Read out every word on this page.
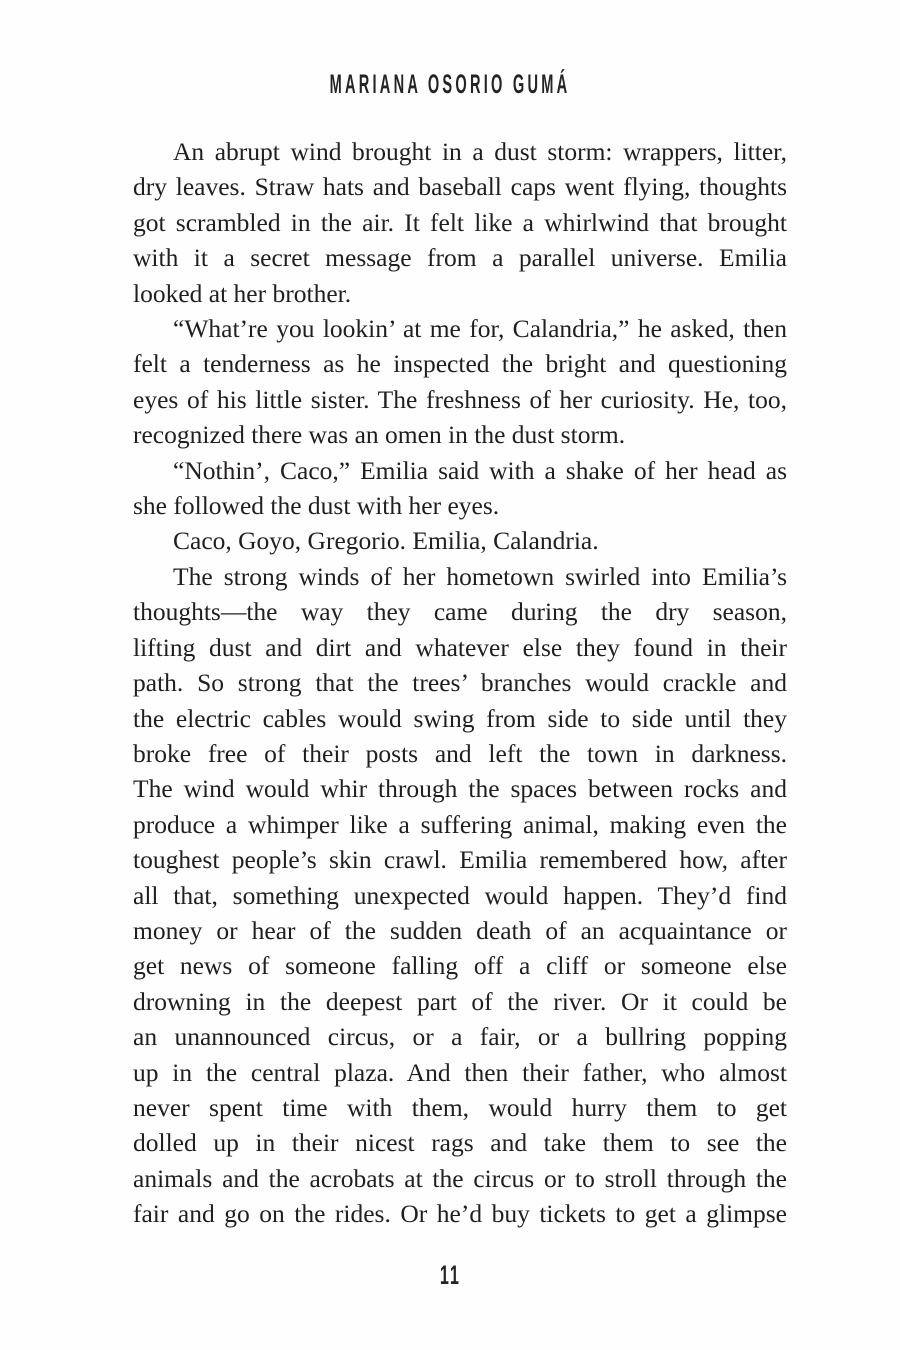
MARIANA OSORIO GUMÁ
An abrupt wind brought in a dust storm: wrappers, litter,
dry leaves. Straw hats and baseball caps went flying, thoughts
got scrambled in the air. It felt like a whirlwind that brought
with it a secret message from a parallel universe. Emilia
looked at her brother.
“What’re you lookin’ at me for, Calandria,” he asked, then
felt a tenderness as he inspected the bright and questioning
eyes of his little sister. The freshness of her curiosity. He, too,
recognized there was an omen in the dust storm.
“Nothin’, Caco,” Emilia said with a shake of her head as
she followed the dust with her eyes.
Caco, Goyo, Gregorio. Emilia, Calandria.
The strong winds of her hometown swirled into Emilia’s
thoughts—the way they came during the dry season,
lifting dust and dirt and whatever else they found in their
path. So strong that the trees’ branches would crackle and
the electric cables would swing from side to side until they
broke free of their posts and left the town in darkness.
The wind would whir through the spaces between rocks and
produce a whimper like a suffering animal, making even the
toughest people’s skin crawl. Emilia remembered how, after
all that, something unexpected would happen. They’d find
money or hear of the sudden death of an acquaintance or
get news of someone falling off a cliff or someone else
drowning in the deepest part of the river. Or it could be
an unannounced circus, or a fair, or a bullring popping
up in the central plaza. And then their father, who almost
never spent time with them, would hurry them to get
dolled up in their nicest rags and take them to see the
animals and the acrobats at the circus or to stroll through the
fair and go on the rides. Or he’d buy tickets to get a glimpse
11
